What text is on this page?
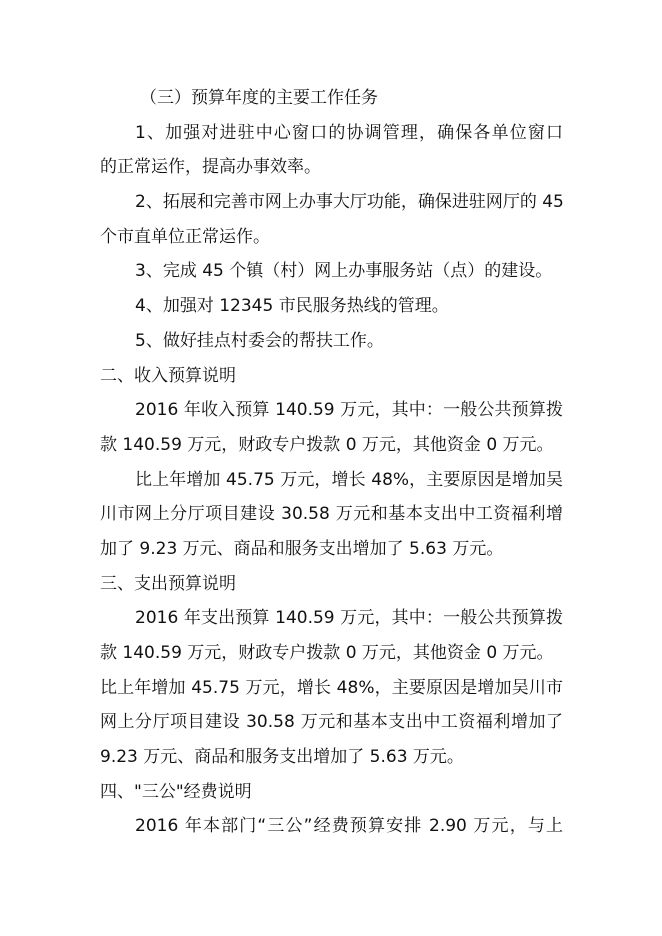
（三）预算年度的主要工作任务
1、加强对进驻中心窗口的协调管理，确保各单位窗口
的正常运作，提高办事效率。
2、拓展和完善市网上办事大厅功能，确保进驻网厅的 45
个市直单位正常运作。
3、完成 45 个镇（村）网上办事服务站（点）的建设。
4、加强对 12345 市民服务热线的管理。
5、做好挂点村委会的帮扶工作。
二、收入预算说明
2016 年收入预算 140.59 万元，其中：一般公共预算拨
款 140.59 万元，财政专户拨款 0 万元，其他资金 0 万元。
比上年增加 45.75 万元，增长 48%，主要原因是增加吴
川市网上分厅项目建设 30.58 万元和基本支出中工资福利增
加了 9.23 万元、商品和服务支出增加了 5.63 万元。
三、支出预算说明
2016 年支出预算 140.59 万元，其中：一般公共预算拨
款 140.59 万元，财政专户拨款 0 万元，其他资金 0 万元。
比上年增加 45.75 万元，增长 48%，主要原因是增加吴川市
网上分厅项目建设 30.58 万元和基本支出中工资福利增加了
9.23 万元、商品和服务支出增加了 5.63 万元。
四、"三公"经费说明
2016 年本部门“三公”经费预算安排 2.90 万元，与上
